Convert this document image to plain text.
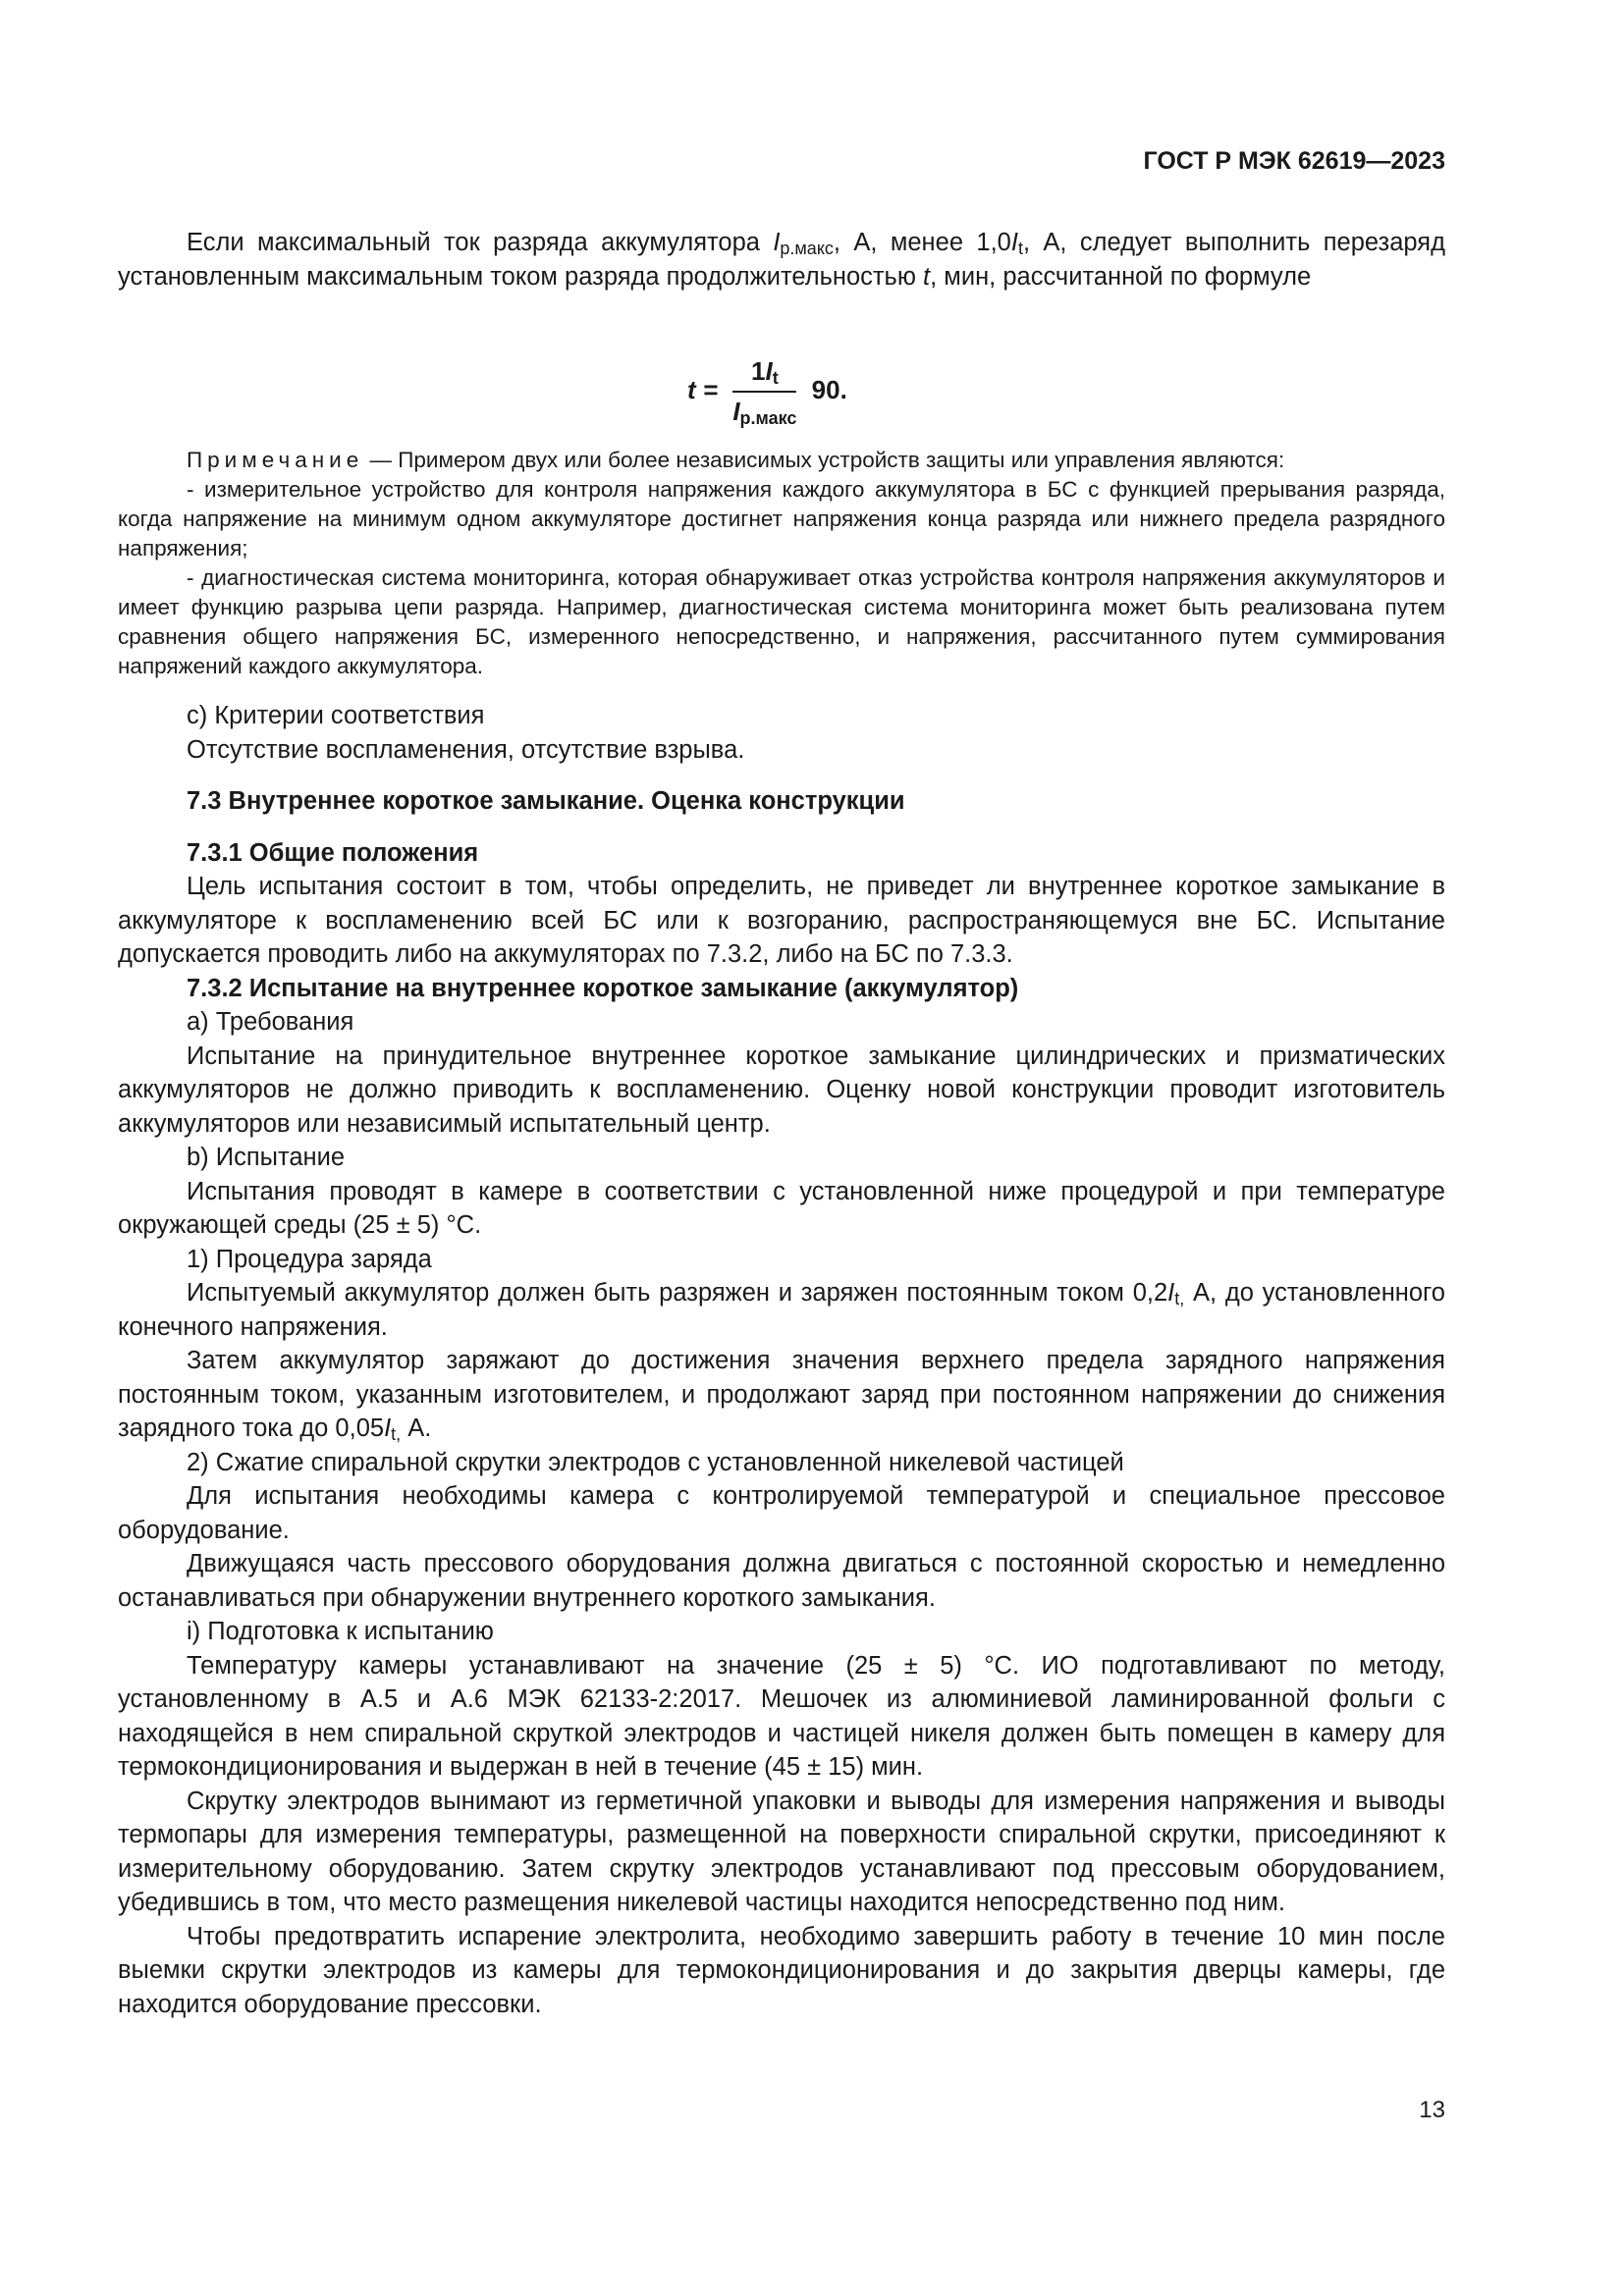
ГОСТ Р МЭК 62619—2023

Если максимальный ток разряда аккумулятора $I_{р.макс}$, А, менее $1,0I_t$, А, следует выполнить перезаряд установленным максимальным током разряда продолжительностью t, мин, рассчитанной по формуле

Примечание — Примером двух или более независимых устройств защиты или управления являются:

- измерительное устройство для контроля напряжения каждого аккумулятора в БС с функцией прерывания разряда, когда напряжение на минимум одном аккумуляторе достигнет напряжения конца разряда или нижнего предела разрядного напряжения;

- диагностическая система мониторинга, которая обнаруживает отказ устройства контроля напряжения аккумуляторов и имеет функцию разрыва цепи разряда. Например, диагностическая система мониторинга может быть реализована путем сравнения общего напряжения БС, измеренного непосредственно, и напряжения, рассчитанного путем суммирования напряжений каждого аккумулятора.

c) Критерии соответствия

Отсутствие воспламенения, отсутствие взрыва.

7.3 Внутреннее короткое замыкание. Оценка конструкции

7.3.1 Общие положения

Цель испытания состоит в том, чтобы определить, не приведет ли внутреннее короткое замыкание в аккумуляторе к воспламенению всей БС или к возгоранию, распространяющемуся вне БС. Испытание допускается проводить либо на аккумуляторах по 7.3.2, либо на БС по 7.3.3.

7.3.2 Испытание на внутреннее короткое замыкание (аккумулятор)

a) Требования

Испытание на принудительное внутреннее короткое замыкание цилиндрических и призматических аккумуляторов не должно приводить к воспламенению. Оценку новой конструкции проводит изготовитель аккумуляторов или независимый испытательный центр.

b) Испытание

Испытания проводят в камере в соответствии с установленной ниже процедурой и при температуре окружающей среды (25 ± 5) °С.

1) Процедура заряда

Испытуемый аккумулятор должен быть разряжен и заряжен постоянным током $0,2I_{t,}$ А, до установленного конечного напряжения.

Затем аккумулятор заряжают до достижения значения верхнего предела зарядного напряжения постоянным током, указанным изготовителем, и продолжают заряд при постоянном напряжении до снижения зарядного тока до $0,05I_{t,}$ А.

2) Сжатие спиральной скрутки электродов с установленной никелевой частицей

Для испытания необходимы камера с контролируемой температурой и специальное прессовое оборудование.

Движущаяся часть прессового оборудования должна двигаться с постоянной скоростью и немедленно останавливаться при обнаружении внутреннего короткого замыкания.

i) Подготовка к испытанию

Температуру камеры устанавливают на значение (25 ± 5) °С. ИО подготавливают по методу, установленному в А.5 и А.6 МЭК 62133-2:2017. Мешочек из алюминиевой ламинированной фольги с находящейся в нем спиральной скруткой электродов и частицей никеля должен быть помещен в камеру для термокондиционирования и выдержан в ней в течение (45 ± 15) мин.

Скрутку электродов вынимают из герметичной упаковки и выводы для измерения напряжения и выводы термопары для измерения температуры, размещенной на поверхности спиральной скрутки, присоединяют к измерительному оборудованию. Затем скрутку электродов устанавливают под прессовым оборудованием, убедившись в том, что место размещения никелевой частицы находится непосредственно под ним.

Чтобы предотвратить испарение электролита, необходимо завершить работу в течение 10 мин после выемки скрутки электродов из камеры для термокондиционирования и до закрытия дверцы камеры, где находится оборудование прессовки.

$t = \frac{1I_t}{I_{р.макс}} 90$.
13
